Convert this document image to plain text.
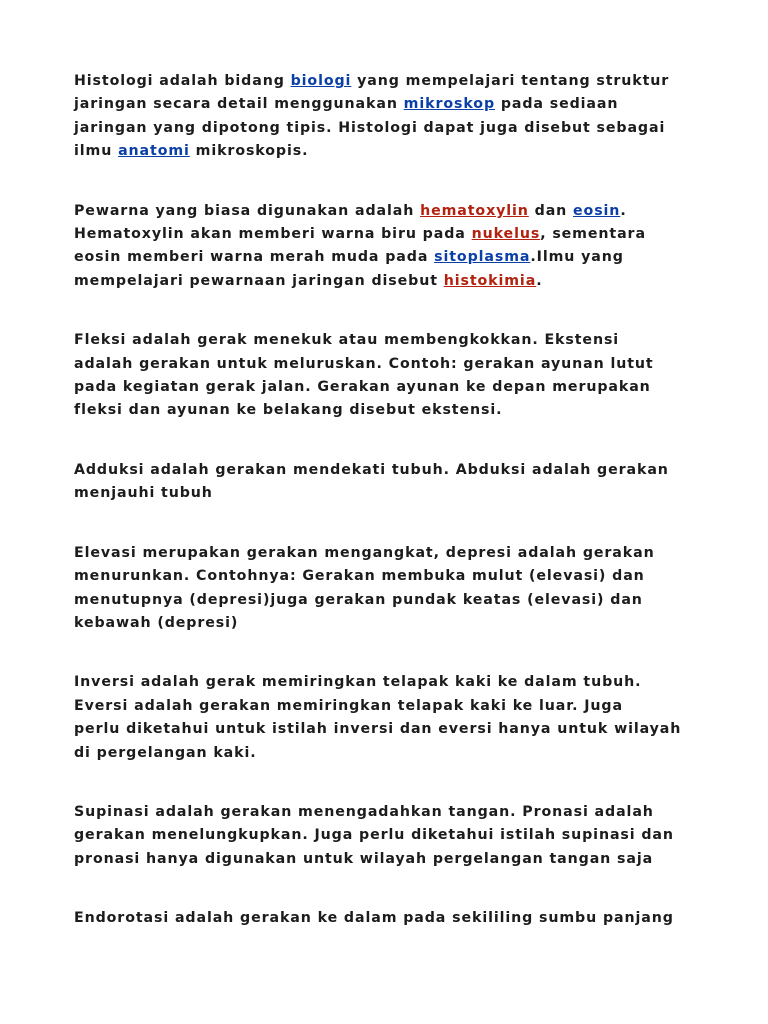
Histologi adalah bidang biologi yang mempelajari tentang struktur
jaringan secara detail menggunakan mikroskop pada sediaan
jaringan yang dipotong tipis. Histologi dapat juga disebut sebagai
ilmu anatomi mikroskopis.
Pewarna yang biasa digunakan adalah hematoxylin dan eosin.
Hematoxylin akan memberi warna biru pada nukelus, sementara
eosin memberi warna merah muda pada sitoplasma.Ilmu yang
mempelajari pewarnaan jaringan disebut histokimia.
Fleksi adalah gerak menekuk atau membengkokkan. Ekstensi
adalah gerakan untuk meluruskan. Contoh: gerakan ayunan lutut
pada kegiatan gerak jalan. Gerakan ayunan ke depan merupakan
fleksi dan ayunan ke belakang disebut ekstensi.
Adduksi adalah gerakan mendekati tubuh. Abduksi adalah gerakan
menjauhi tubuh
Elevasi merupakan gerakan mengangkat, depresi adalah gerakan
menurunkan. Contohnya: Gerakan membuka mulut (elevasi) dan
menutupnya (depresi)juga gerakan pundak keatas (elevasi) dan
kebawah (depresi)
Inversi adalah gerak memiringkan telapak kaki ke dalam tubuh.
Eversi adalah gerakan memiringkan telapak kaki ke luar. Juga
perlu diketahui untuk istilah inversi dan eversi hanya untuk wilayah
di pergelangan kaki.
Supinasi adalah gerakan menengadahkan tangan. Pronasi adalah
gerakan menelungkupkan. Juga perlu diketahui istilah supinasi dan
pronasi hanya digunakan untuk wilayah pergelangan tangan saja
Endorotasi adalah gerakan ke dalam pada sekililing sumbu panjang
